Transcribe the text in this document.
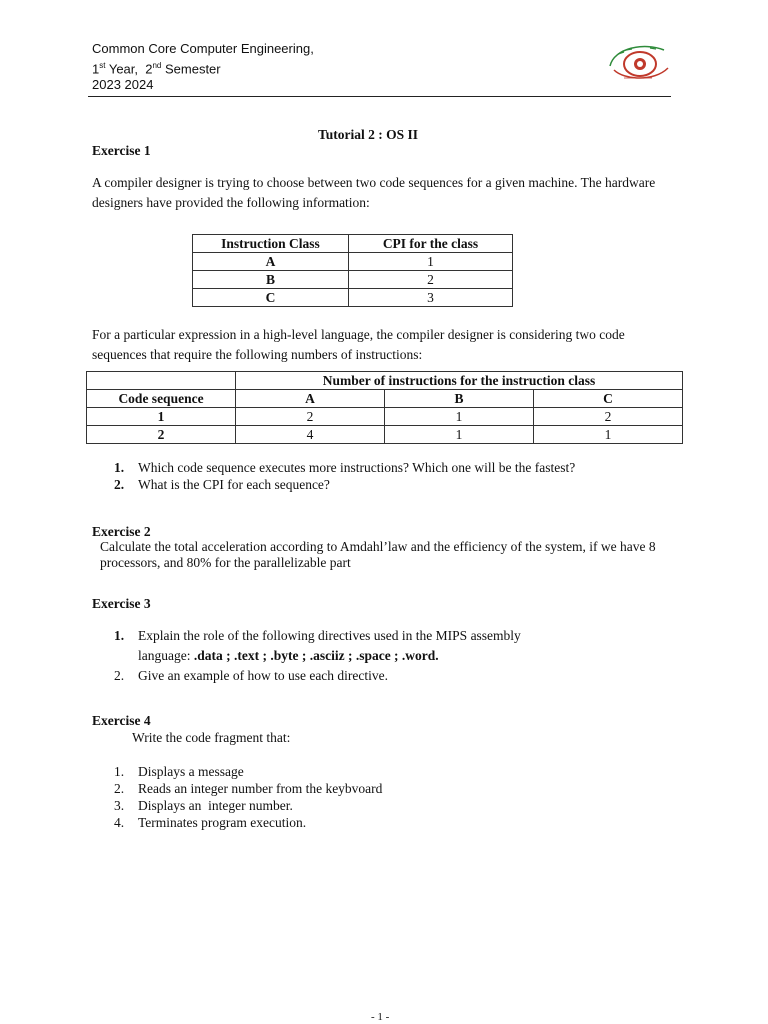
Common Core Computer Engineering,
1st Year,  2nd Semester
2023 2024
Tutorial 2 : OS II
Exercise 1
A compiler designer is trying to choose between two code sequences for a given machine. The hardware designers have provided the following information:
Instruction Class	CPI for the class
A	1
B	2
C	3
For a particular expression in a high-level language, the compiler designer is considering two code sequences that require the following numbers of instructions:
	Number of instructions for the instruction class		
Code sequence	A	B	C
1	2	1	2
2	4	1	1
1. Which code sequence executes more instructions? Which one will be the fastest?
2. What is the CPI for each sequence?
Exercise 2
Calculate the total acceleration according to Amdahl’law and the efficiency of the system, if we have 8 processors, and 80% for the parallelizable part
Exercise 3
1. Explain the role of the following directives used in the MIPS assembly
language: .data ; .text ; .byte ; .asciiz ; .space ; .word.
2. Give an example of how to use each directive.
Exercise 4
Write the code fragment that:
1. Displays a message
2. Reads an integer number from the keybvoard
3. Displays an  integer number.
4. Terminates program execution.
- 1 -
